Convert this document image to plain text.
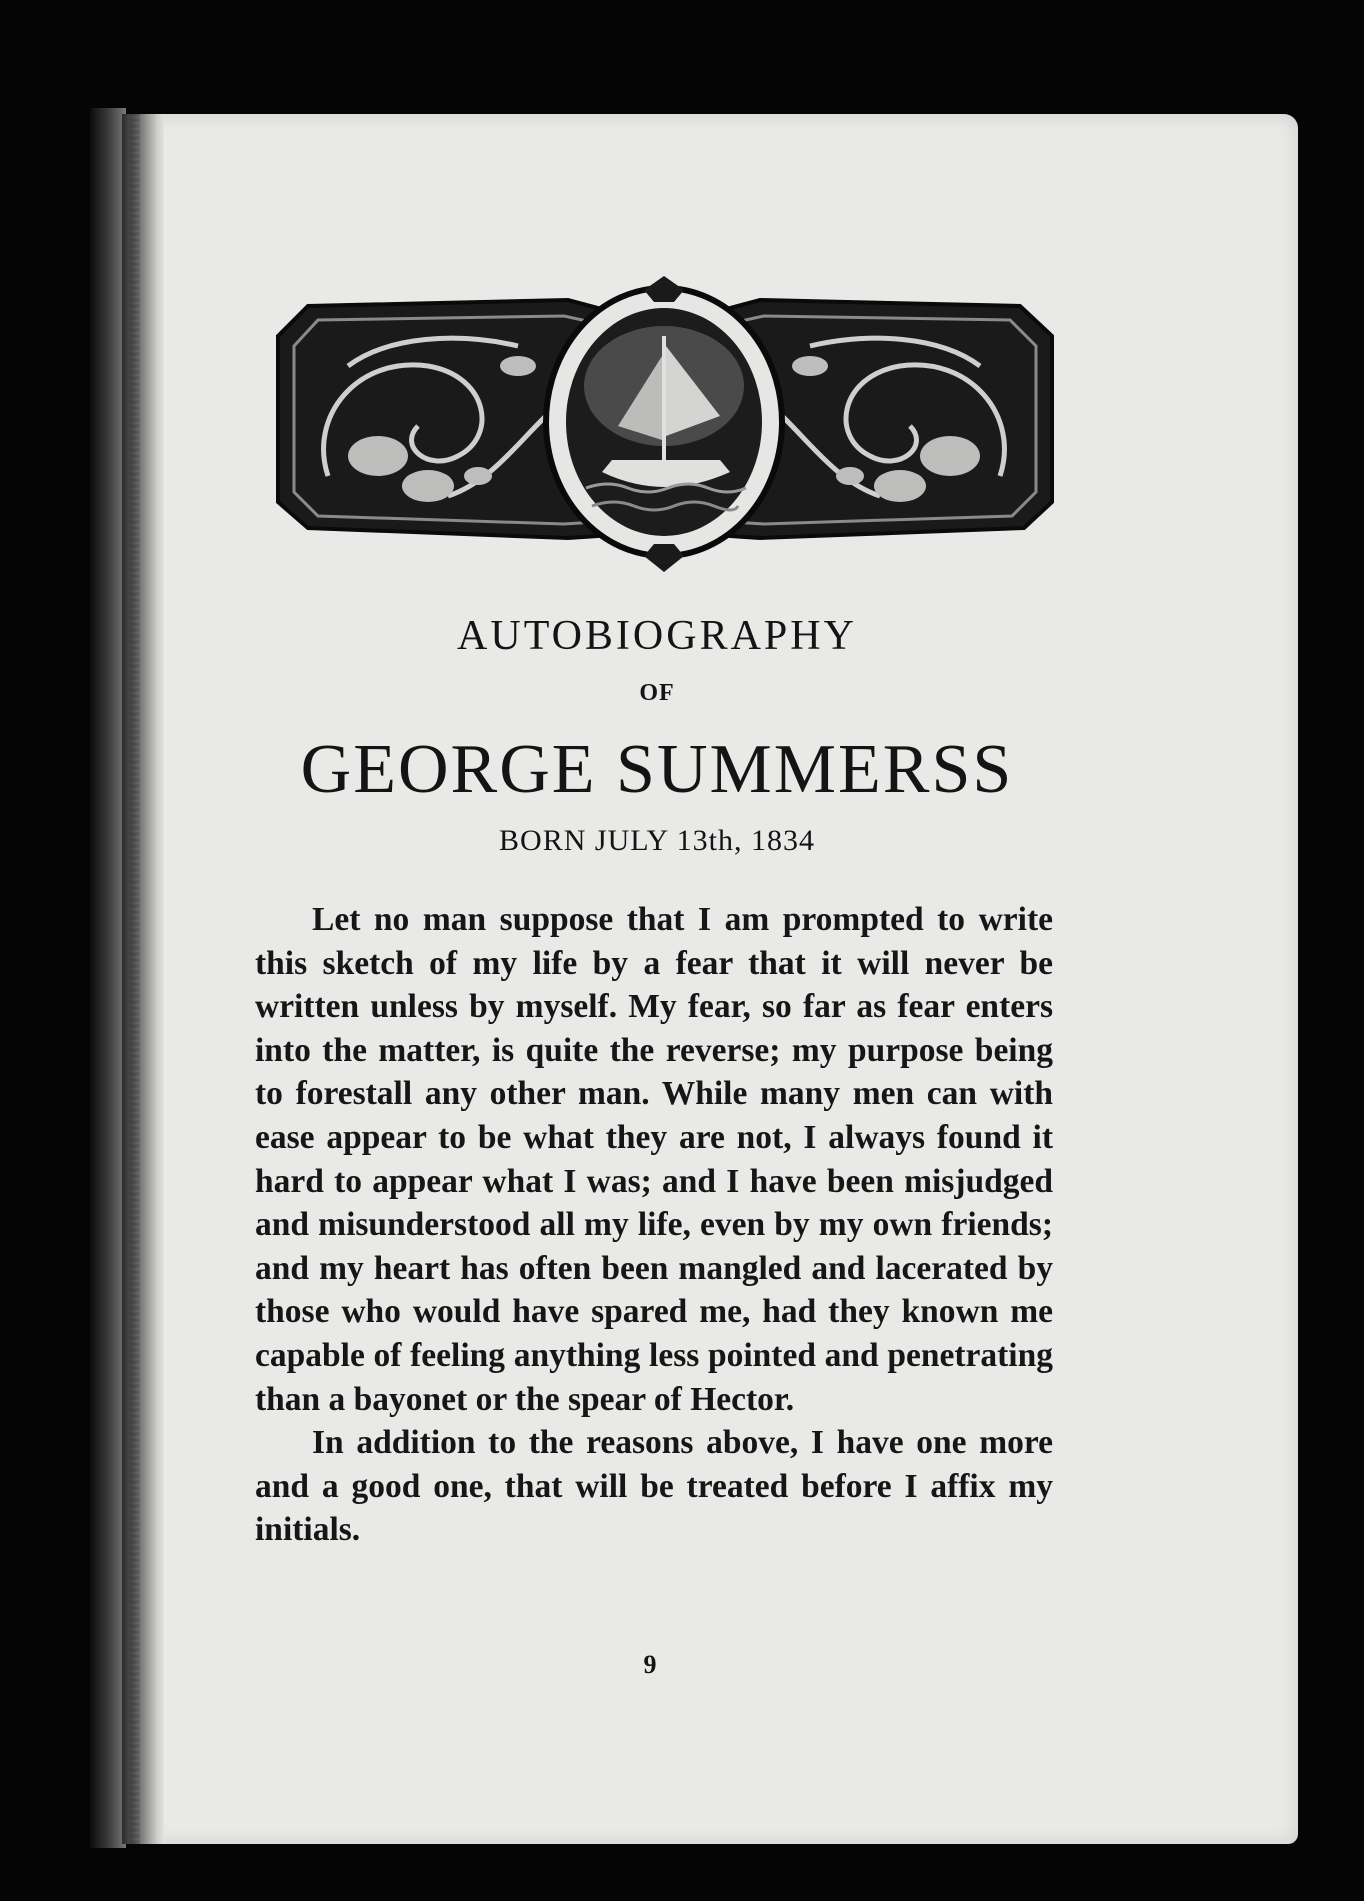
AUTOBIOGRAPHY
OF
GEORGE SUMMERSS
BORN JULY 13th, 1834

Let no man suppose that I am prompted to write this sketch of my life by a fear that it will never be written unless by myself. My fear, so far as fear enters into the matter, is quite the reverse; my purpose being to forestall any other man. While many men can with ease appear to be what they are not, I always found it hard to appear what I was; and I have been misjudged and misunderstood all my life, even by my own friends; and my heart has often been mangled and lacerated by those who would have spared me, had they known me capable of feeling anything less pointed and penetrating than a bayonet or the spear of Hector.

In addition to the reasons above, I have one more and a good one, that will be treated before I affix my initials.

9
